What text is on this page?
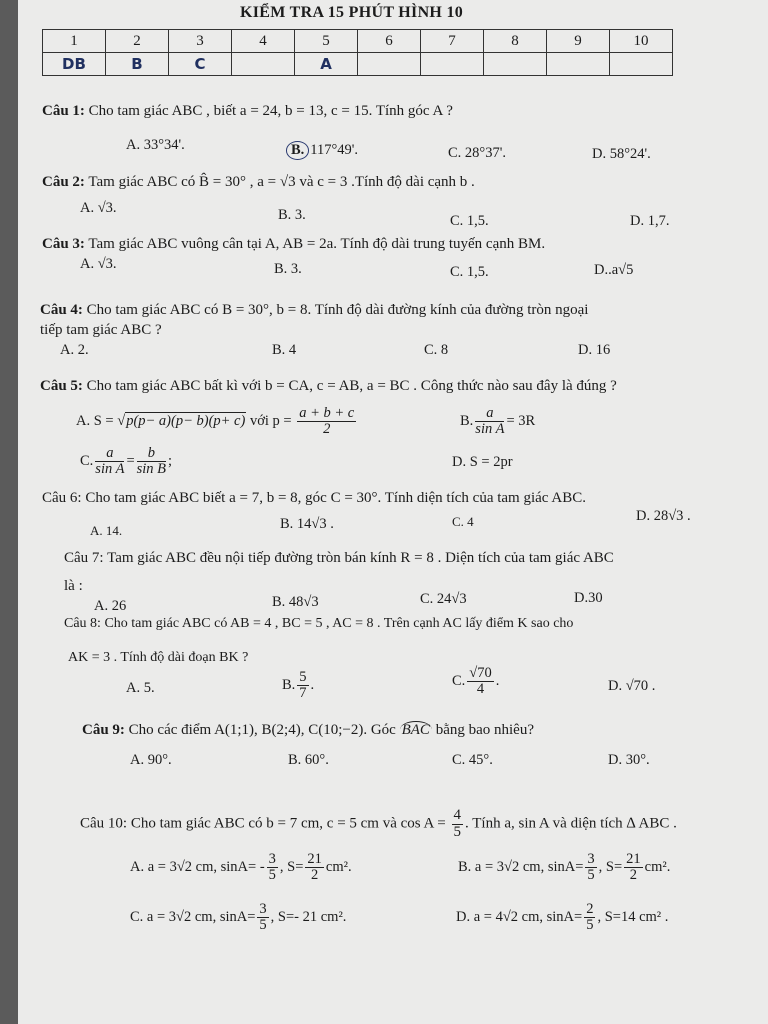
KIỂM TRA 15 PHÚT HÌNH 10
1	2	3	4	5	6	7	8	9	10
DB	B	C		A					
Câu 1: Cho tam giác ABC , biết a = 24, b = 13, c = 15. Tính góc A ?
A. 33°34'.	B. 117°49'.	C. 28°37'.	D. 58°24'.
Câu 2: Tam giác ABC có B̂ = 30° , a = √3 và c = 3 .Tính độ dài cạnh b .
A. √3.	B. 3.	C. 1,5.	D. 1,7.
Câu 3: Tam giác ABC vuông cân tại A, AB = 2a. Tính độ dài trung tuyến cạnh BM.
A. √3.	B. 3.	C. 1,5.	D..a√5
Câu 4: Cho tam giác ABC có B = 30°, b = 8. Tính độ dài đường kính của đường tròn ngoại
tiếp tam giác ABC ?
A. 2.	B. 4	C. 8	D. 16
Câu 5: Cho tam giác ABC bất kì với b = CA, c = AB, a = BC . Công thức nào sau đây là đúng ?
A. S = √p(p− a)(p− b)(p+ c) với $p = \frac{a + b + c}{2}$	B. $\frac{a}{\text{sin A}} = 3R$
C. $\frac{a}{\text{sin A}} = \frac{b}{\text{sin B}}$ ;	D. S = 2pr
Câu 6: Cho tam giác ABC biết a = 7, b = 8, góc C = 30°. Tính diện tích của tam giác ABC.
A. 14.	B. 14√3 .	C. 4	D. 28√3 .
Câu 7: Tam giác ABC đều nội tiếp đường tròn bán kính R = 8 . Diện tích của tam giác ABC
là :
A. 26	B. 48√3	C. 24√3	D.30
Câu 8: Cho tam giác ABC có AB = 4 , BC = 5 , AC = 8 . Trên cạnh AC lấy điểm K sao cho
AK = 3 . Tính độ dài đoạn BK ?
A. 5.	B. $\frac{5}{7}$ .	C. $\frac{√70}{4}$ .	D. √70 .
Câu 9: Cho các điểm A(1;1), B(2;4), C(10;−2). Góc BAC bằng bao nhiêu?
A. 90°.	B. 60°.	C. 45°.	D. 30°.
Câu 10: Cho tam giác ABC có b = 7 cm, c = 5 cm và $\cos A = \frac{4}{5}$ . Tính a, sin A và diện tích ∆ ABC .
A. a = 3√2 cm, $\sin A= - \frac{3}{5}$ , $S= \frac{21}{2} cm^2$.	B. a = 3√2 cm, $\sin A= \frac{3}{5}$ , $S= \frac{21}{2} cm^2$.
C. a = 3√2 cm, $\sin A= \frac{3}{5}$ , S=- 21 cm².	D. a = 4√2 cm, $\sin A= \frac{2}{5}$ , S=14 cm² .
